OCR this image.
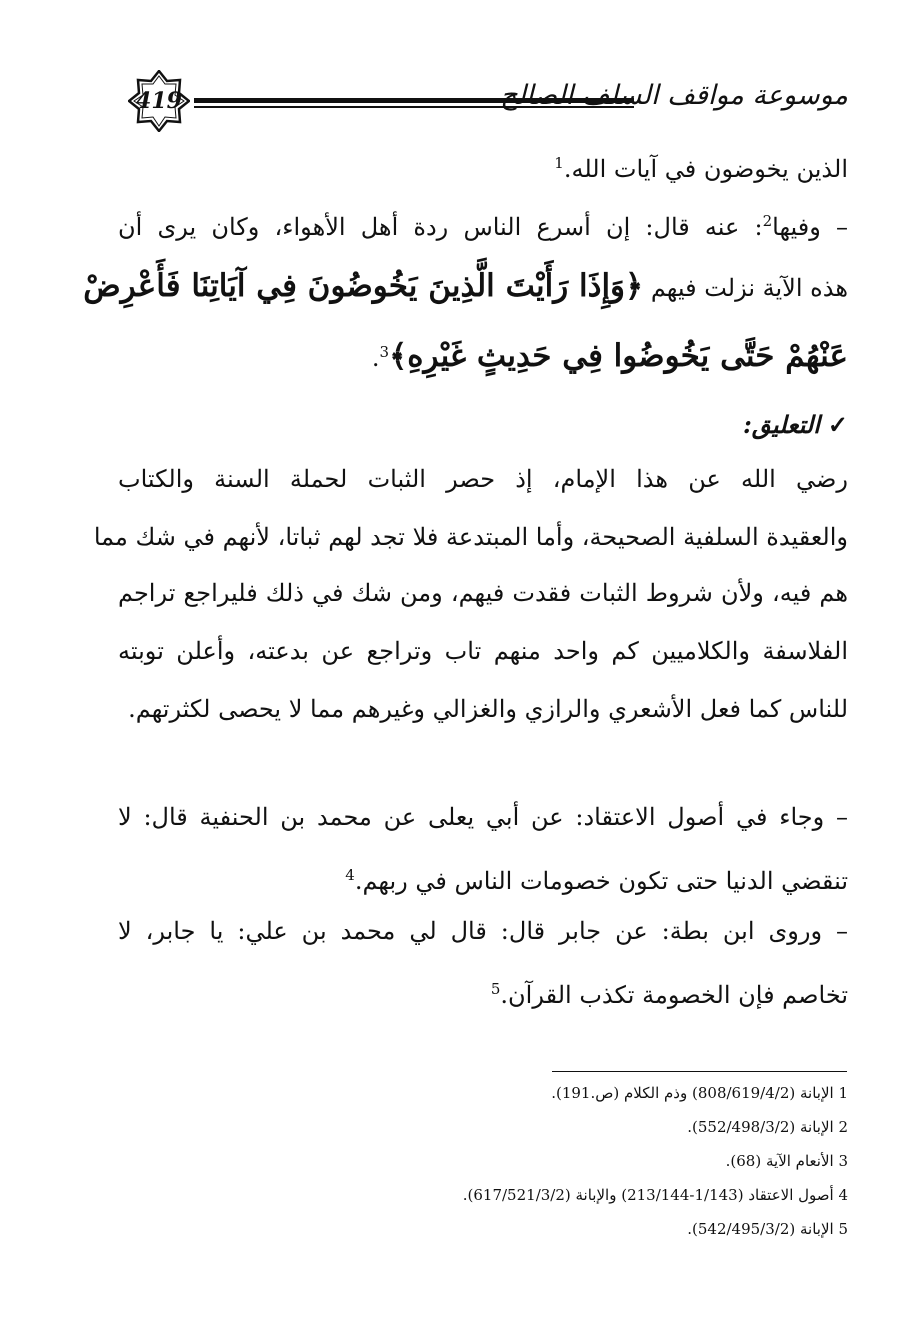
419	موسوعة مواقف السلف الصالح
الذين يخوضون في آيات الله.$^1$
– وفيها$^2$: عنه قال: إن أسرع الناس ردة أهل الأهواء، وكان يرى أن
هذه الآية نزلت فيهم ﴿وَإِذَا رَأَيْتَ الَّذِينَ يَخُوضُونَ فِي آيَاتِنَا فَأَعْرِضْ
عَنْهُمْ حَتَّى يَخُوضُوا فِي حَدِيثٍ غَيْرِهِ﴾$^3$.
✓التعليق:
رضي الله عن هذا الإمام، إذ حصر الثبات لحملة السنة والكتاب
والعقيدة السلفية الصحيحة، وأما المبتدعة فلا تجد لهم ثباتا، لأنهم في شك مما
هم فيه، ولأن شروط الثبات فقدت فيهم، ومن شك في ذلك فليراجع تراجم
الفلاسفة والكلاميين كم واحد منهم تاب وتراجع عن بدعته، وأعلن توبته
للناس كما فعل الأشعري والرازي والغزالي وغيرهم مما لا يحصى لكثرتهم.
– وجاء في أصول الاعتقاد: عن أبي يعلى عن محمد بن الحنفية قال: لا
تنقضي الدنيا حتى تكون خصومات الناس في ربهم.$^4$
– وروى ابن بطة: عن جابر قال: قال لي محمد بن علي: يا جابر، لا
تخاصم فإن الخصومة تكذب القرآن.$^5$
1 الإبانة (808/619/4/2) وذم الكلام (ص.191).
2 الإبانة (552/498/3/2).
3 الأنعام الآية (68).
4 أصول الاعتقاد (1/143-213/144) والإبانة (617/521/3/2).
5 الإبانة (542/495/3/2).
